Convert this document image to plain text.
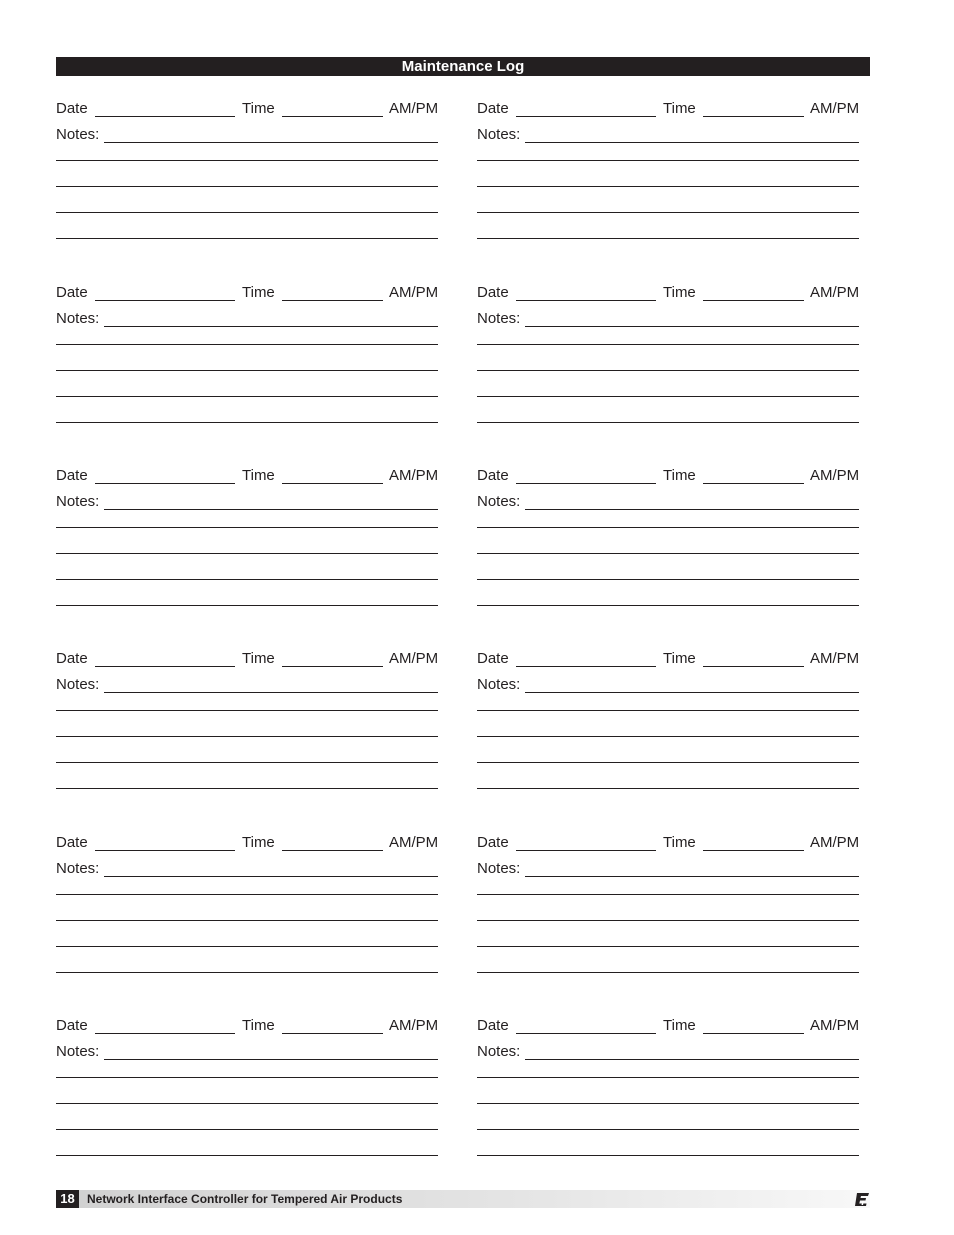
Maintenance Log
Date	Time	AM/PM
Notes:
Date	Time	AM/PM
Notes:
Date	Time	AM/PM
Notes:
Date	Time	AM/PM
Notes:
Date	Time	AM/PM
Notes:
Date	Time	AM/PM
Notes:
Date	Time	AM/PM
Notes:
Date	Time	AM/PM
Notes:
Date	Time	AM/PM
Notes:
Date	Time	AM/PM
Notes:
Date	Time	AM/PM
Notes:
Date	Time	AM/PM
Notes:
18	Network Interface Controller for Tempered Air Products
